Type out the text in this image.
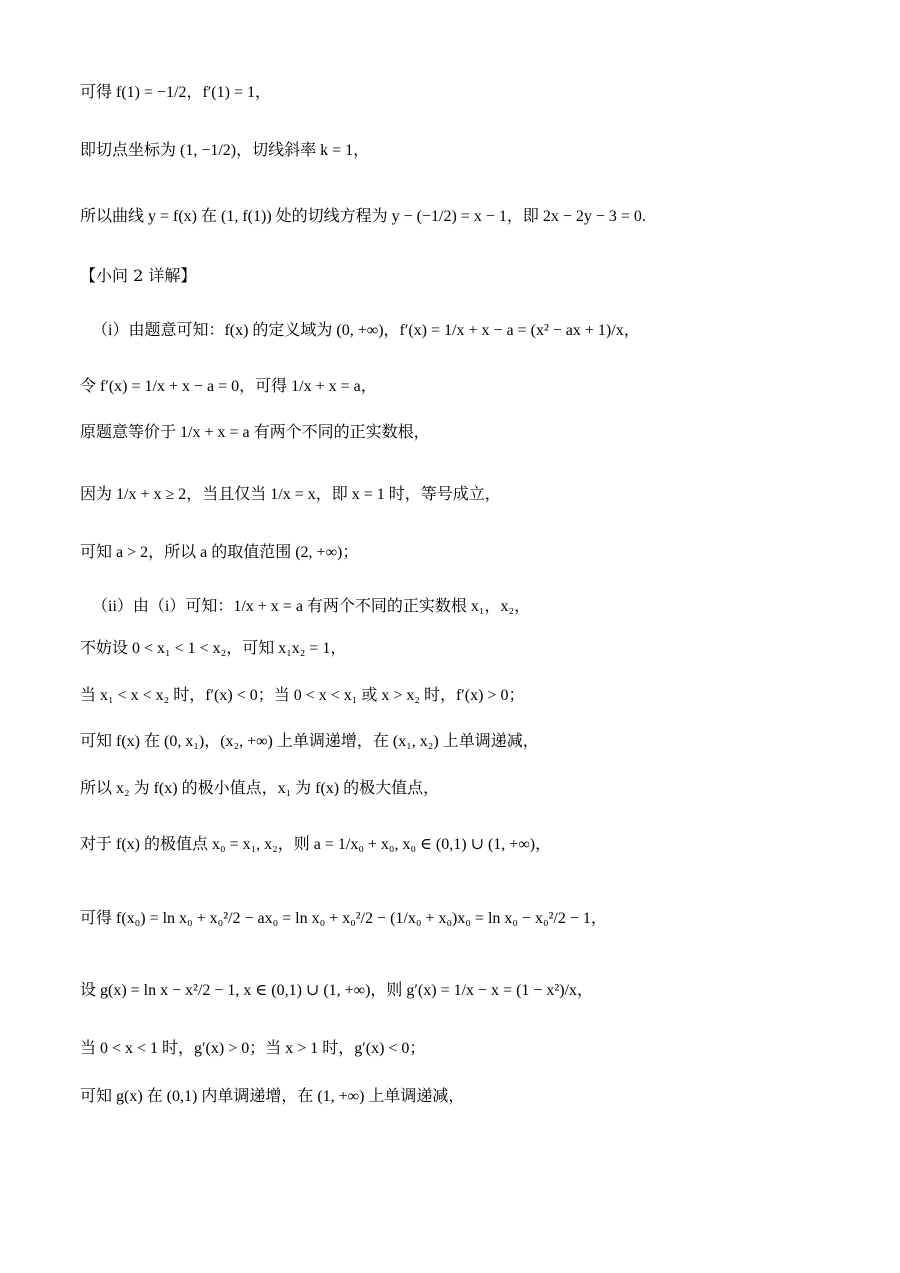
可得 f(1) = −1/2，f′(1) = 1，
即切点坐标为 (1, −1/2)，切线斜率 k = 1，
所以曲线 y = f(x) 在 (1, f(1)) 处的切线方程为 y − (−1/2) = x − 1，即 2x − 2y − 3 = 0.
【小问 2 详解】
（i）由题意可知：f(x) 的定义域为 (0, +∞)，f′(x) = 1/x + x − a = (x² − ax + 1)/x，
令 f′(x) = 1/x + x − a = 0，可得 1/x + x = a，
原题意等价于 1/x + x = a 有两个不同的正实数根，
因为 1/x + x ≥ 2，当且仅当 1/x = x，即 x = 1 时，等号成立，
可知 a > 2，所以 a 的取值范围 (2, +∞)；
（ii）由（i）可知：1/x + x = a 有两个不同的正实数根 x₁，x₂，
不妨设 0 < x₁ < 1 < x₂，可知 x₁x₂ = 1，
当 x₁ < x < x₂ 时，f′(x) < 0；当 0 < x < x₁ 或 x > x₂ 时，f′(x) > 0；
可知 f(x) 在 (0, x₁)，(x₂, +∞) 上单调递增，在 (x₁, x₂) 上单调递减，
所以 x₂ 为 f(x) 的极小值点，x₁ 为 f(x) 的极大值点，
对于 f(x) 的极值点 x₀ = x₁, x₂，则 a = 1/x₀ + x₀, x₀ ∈ (0,1) ∪ (1, +∞)，
可得 f(x₀) = ln x₀ + x₀²/2 − ax₀ = ln x₀ + x₀²/2 − (1/x₀ + x₀)x₀ = ln x₀ − x₀²/2 − 1，
设 g(x) = ln x − x²/2 − 1, x ∈ (0,1) ∪ (1, +∞)，则 g′(x) = 1/x − x = (1 − x²)/x，
当 0 < x < 1 时，g′(x) > 0；当 x > 1 时，g′(x) < 0；
可知 g(x) 在 (0,1) 内单调递增，在 (1, +∞) 上单调递减，
